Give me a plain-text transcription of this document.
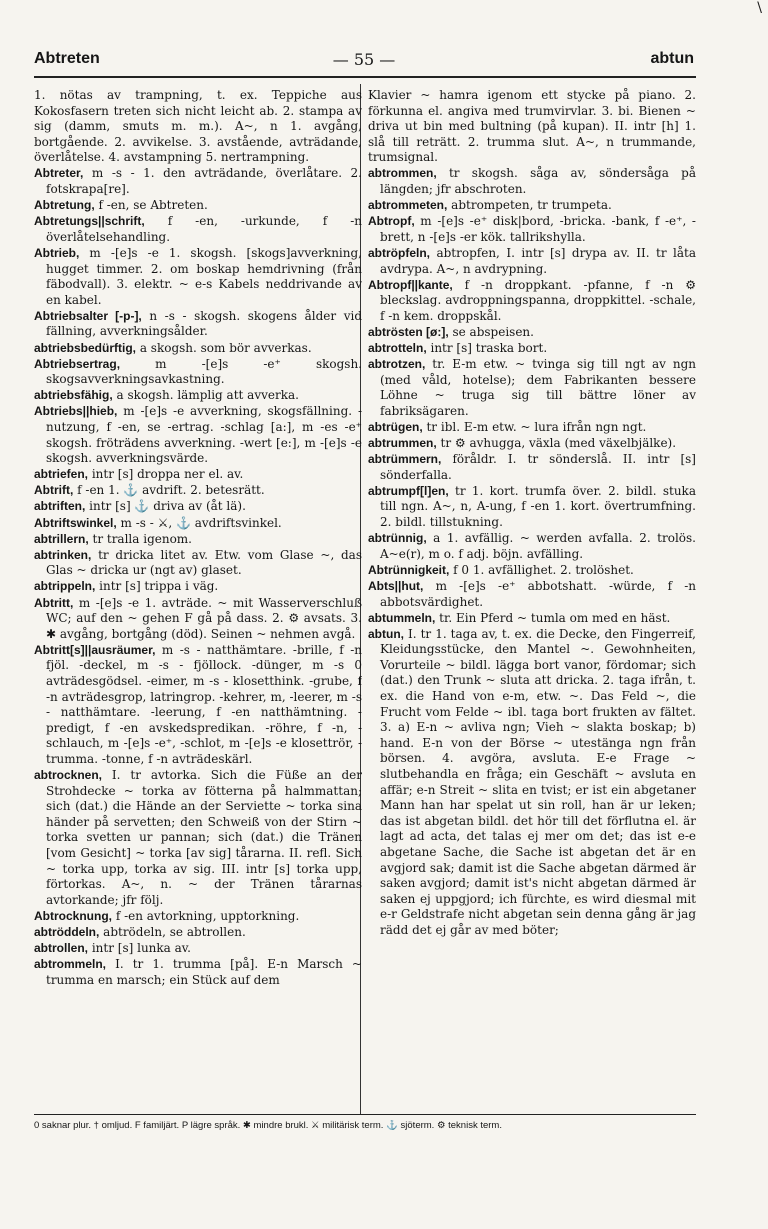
\
— 55 —
Abtreten	abtun

1. nötas av trampning, t. ex. Teppiche aus Kokosfasern treten sich nicht leicht ab. 2. stampa av sig (damm, smuts m. m.). A~, n 1. avgång, bortgående. 2. avvikelse. 3. avstående, avträdande, överlåtelse. 4. avstampning 5. nertrampning.

Abtreter, m -s - 1. den avträdande, överlåtare. 2. fotskrapa[re].

Abtretung, f -en, se Abtreten.

Abtretungs||schrift, f -en, -urkunde, f -n överlåtelsehandling.

Abtrieb, m -[e]s -e 1. skogsh. [skogs]avverkning, hugget timmer. 2. om boskap hemdrivning (från fäbodvall). 3. elektr. ~ e-s Kabels neddrivande av en kabel.

Abtriebsalter [-p-], n -s - skogsh. skogens ålder vid fällning, avverkningsålder.

abtriebsbedürftig, a skogsh. som bör avverkas.

Abtriebsertrag, m -[e]s -e⁺ skogsh. skogsavverkningsavkastning.

abtriebsfähig, a skogsh. lämplig att avverka.

Abtriebs||hieb, m -[e]s -e avverkning, skogsfällning. -nutzung, f -en, se -ertrag. -schlag [a:], m -es -e⁺ skogsh. fröträdens avverkning. -wert [e:], m -[e]s -e skogsh. avverkningsvärde.

abtriefen, intr [s] droppa ner el. av.

Abtrift, f -en 1. ⚓ avdrift. 2. betesrätt.

abtriften, intr [s] ⚓ driva av (åt lä).

Abtriftswinkel, m -s - ⚔, ⚓ avdriftsvinkel.

abtrillern, tr tralla igenom.

abtrinken, tr dricka litet av. Etw. vom Glase ~, das Glas ~ dricka ur (ngt av) glaset.

abtrippeln, intr [s] trippa i väg.

Abtritt, m -[e]s -e 1. avträde. ~ mit Wasserverschluß WC; auf den ~ gehen F gå på dass. 2. ⚙ avsats. 3. ✱ avgång, bortgång (död). Seinen ~ nehmen avgå.

Abtritt[s]||ausräumer, m -s - natthämtare. -brille, f -n fjöl. -deckel, m -s - fjöllock. -dünger, m -s 0 avträdesgödsel. -eimer, m -s - klosetthink. -grube, f -n avträdesgrop, latringrop. -kehrer, m, -leerer, m -s - natthämtare. -leerung, f -en natthämtning. -predigt, f -en avskedspredikan. -röhre, f -n, -schlauch, m -[e]s -e⁺, -schlot, m -[e]s -e klosettrör, -trumma. -tonne, f -n avträdeskärl.

abtrocknen, I. tr avtorka. Sich die Füße an der Strohdecke ~ torka av fötterna på halmmattan; sich (dat.) die Hände an der Serviette ~ torka sina händer på servetten; den Schweiß von der Stirn ~ torka svetten ur pannan; sich (dat.) die Tränen [vom Gesicht] ~ torka [av sig] tårarna. II. refl. Sich ~ torka upp, torka av sig. III. intr [s] torka upp, förtorkas. A~, n. ~ der Tränen tårarnas avtorkande; jfr följ.

Abtrocknung, f -en avtorkning, upptorkning.

abtröddeln, abtrödeln, se abtrollen.

abtrollen, intr [s] lunka av.

abtrommeln, I. tr 1. trumma [på]. E-n Marsch ~ trumma en marsch; ein Stück auf dem

Klavier ~ hamra igenom ett stycke på piano. 2. förkunna el. angiva med trumvirvlar. 3. bi. Bienen ~ driva ut bin med bultning (på kupan). II. intr [h] 1. slå till reträtt. 2. trumma slut. A~, n trummande, trumsignal.

abtrommen, tr skogsh. såga av, söndersåga på längden; jfr abschroten.

abtrommeten, abtrompeten, tr trumpeta.

Abtropf, m -[e]s -e⁺ disk|bord, -bricka. -bank, f -e⁺, -brett, n -[e]s -er kök. tallrikshylla.

abtröpfeln, abtropfen, I. intr [s] drypa av. II. tr låta avdrypa. A~, n avdrypning.

Abtropf||kante, f -n droppkant. -pfanne, f -n ⚙ bleckslag. avdroppningspanna, droppkittel. -schale, f -n kem. droppskål.

abtrösten [ø:], se abspeisen.

abtrotteln, intr [s] traska bort.

abtrotzen, tr. E-m etw. ~ tvinga sig till ngt av ngn (med våld, hotelse); dem Fabrikanten bessere Löhne ~ truga sig till bättre löner av fabriksägaren.

abtrügen, tr ibl. E-m etw. ~ lura ifrån ngn ngt.

abtrummen, tr ⚙ avhugga, växla (med växelbjälke).

abtrümmern, föråldr. I. tr sönderslå. II. intr [s] sönderfalla.

abtrumpf[l]en, tr 1. kort. trumfa över. 2. bildl. stuka till ngn. A~, n, A-ung, f -en 1. kort. övertrumfning. 2. bildl. tillstukning.

abtrünnig, a 1. avfällig. ~ werden avfalla. 2. trolös. A~e(r), m o. f adj. böjn. avfälling.

Abtrünnigkeit, f 0 1. avfällighet. 2. trolöshet.

Abts||hut, m -[e]s -e⁺ abbotshatt. -würde, f -n abbotsvärdighet.

abtummeln, tr. Ein Pferd ~ tumla om med en häst.

abtun, I. tr 1. taga av, t. ex. die Decke, den Fingerreif, Kleidungsstücke, den Mantel ~. Gewohnheiten, Vorurteile ~ bildl. lägga bort vanor, fördomar; sich (dat.) den Trunk ~ sluta att dricka. 2. taga ifrån, t. ex. die Hand von e-m, etw. ~. Das Feld ~, die Frucht vom Felde ~ ibl. taga bort frukten av fältet. 3. a) E-n ~ avliva ngn; Vieh ~ slakta boskap; b) hand. E-n von der Börse ~ utestänga ngn från börsen. 4. avgöra, avsluta. E-e Frage ~ slutbehandla en fråga; ein Geschäft ~ avsluta en affär; e-n Streit ~ slita en tvist; er ist ein abgetaner Mann han har spelat ut sin roll, han är ur leken; das ist abgetan bildl. det hör till det förflutna el. är lagt ad acta, det talas ej mer om det; das ist e-e abgetane Sache, die Sache ist abgetan det är en avgjord sak; damit ist die Sache abgetan därmed är saken avgjord; damit ist's nicht abgetan därmed är saken ej uppgjord; ich fürchte, es wird diesmal mit e-r Geldstrafe nicht abgetan sein denna gång är jag rädd det ej går av med böter;

0 saknar plur. † omljud. F familjärt. P lägre språk. ✱ mindre brukl. ⚔ militärisk term. ⚓ sjöterm. ⚙ teknisk term.
